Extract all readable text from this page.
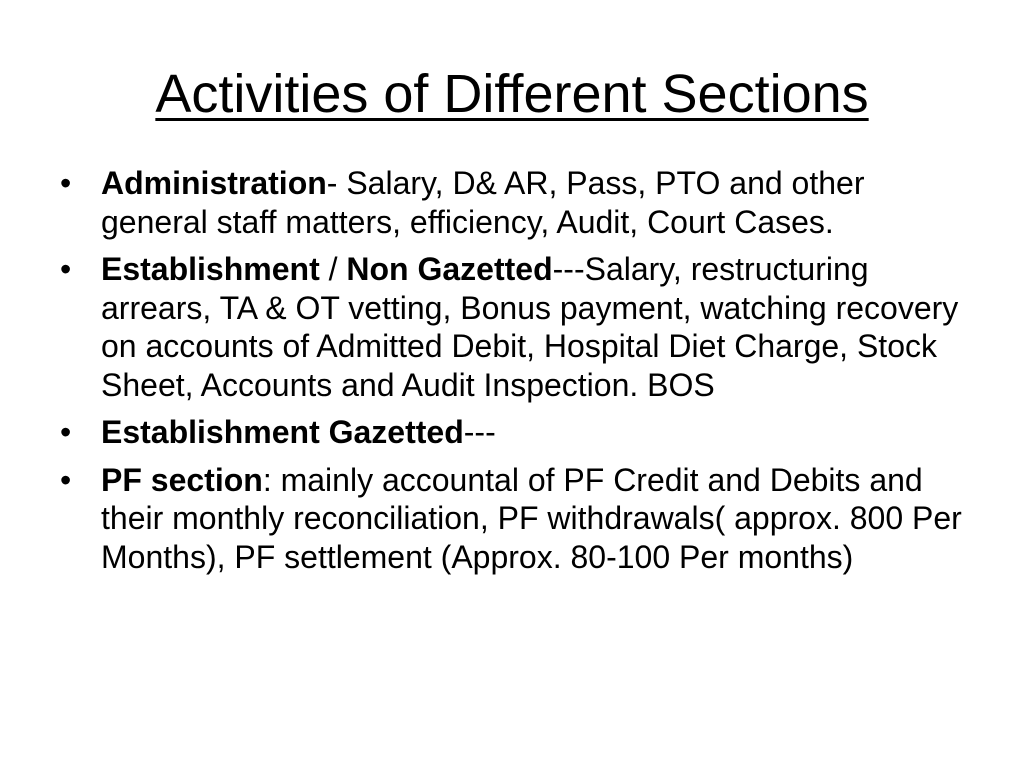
Activities of Different Sections
• Administration- Salary, D& AR, Pass, PTO and other general staff matters, efficiency, Audit, Court Cases.
• Establishment / Non Gazetted---Salary, restructuring arrears, TA & OT vetting, Bonus payment, watching recovery on accounts of Admitted Debit, Hospital Diet Charge, Stock Sheet, Accounts and Audit Inspection. BOS
• Establishment Gazetted---
• PF section: mainly accountal of PF Credit and Debits and their monthly reconciliation, PF withdrawals( approx. 800 Per Months), PF settlement (Approx. 80-100 Per months)
